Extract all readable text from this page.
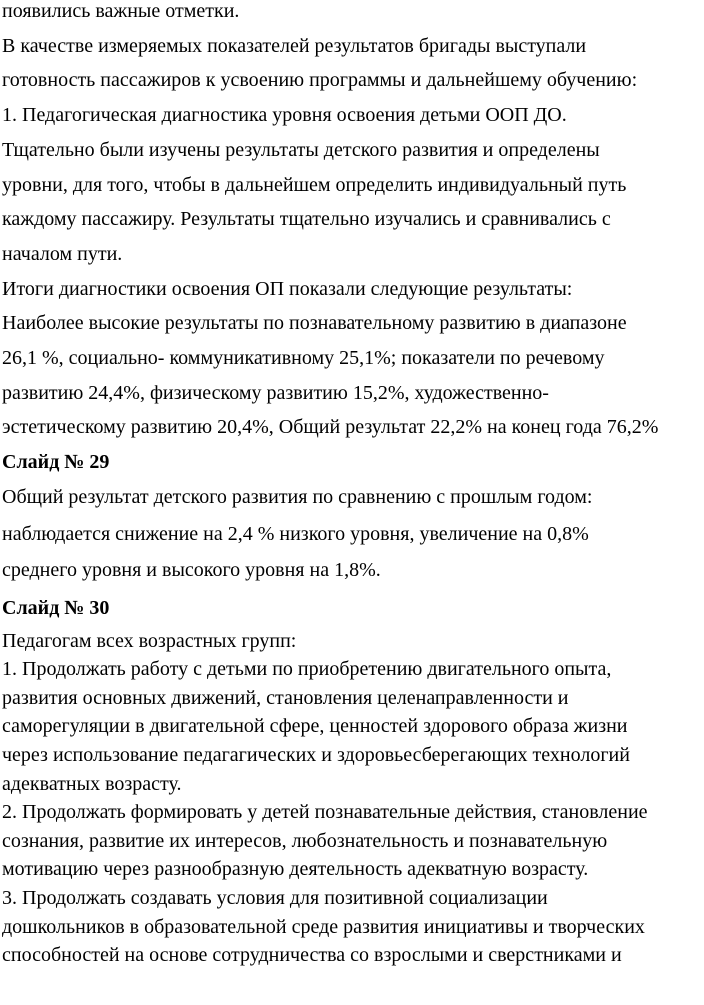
появились важные отметки.
В качестве измеряемых показателей результатов бригады выступали
готовность пассажиров к усвоению программы и дальнейшему обучению:
1. Педагогическая диагностика уровня освоения детьми ООП ДО.
Тщательно были изучены результаты детского развития и определены
уровни, для того, чтобы в дальнейшем определить индивидуальный путь
каждому пассажиру. Результаты тщательно изучались и сравнивались с
началом пути.
Итоги диагностики освоения ОП показали следующие результаты:
Наиболее высокие результаты по познавательному развитию в диапазоне
26,1 %, социально- коммуникативному 25,1%; показатели по речевому
развитию 24,4%, физическому развитию 15,2%, художественно-
эстетическому развитию 20,4%, Общий результат 22,2% на конец года 76,2%
Слайд № 29
Общий результат детского развития по сравнению с прошлым годом:
наблюдается снижение на 2,4 % низкого уровня, увеличение на 0,8%
среднего уровня и высокого уровня на 1,8%.
Слайд № 30
Педагогам всех возрастных групп:
1. Продолжать работу с детьми по приобретению двигательного опыта,
развития основных движений, становления целенаправленности и
саморегуляции в двигательной сфере, ценностей здорового образа жизни
через использование педагагических и здоровьесберегающих технологий
адекватных возрасту.
2. Продолжать формировать у детей познавательные действия, становление
сознания, развитие их интересов, любознательность и познавательную
мотивацию через разнообразную деятельность адекватную возрасту.
3. Продолжать создавать условия для позитивной социализации
дошкольников в образовательной среде развития инициативы и творческих
способностей на основе сотрудничества со взрослыми и сверстниками и
